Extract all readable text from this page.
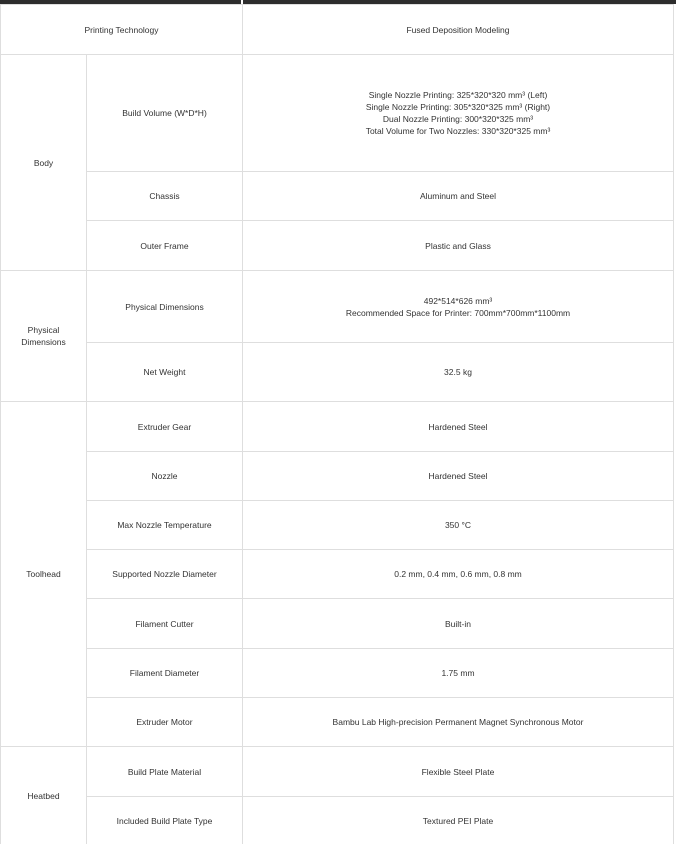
Printing Technology		Fused Deposition Modeling
Body	Build Volume (W*D*H)	Single Nozzle Printing: 325*320*320 mm³ (Left)
Single Nozzle Printing: 305*320*325 mm³ (Right)
Dual Nozzle Printing: 300*320*325 mm³
Total Volume for Two Nozzles: 330*320*325 mm³

	Chassis	Aluminum and Steel
	Outer Frame	Plastic and Glass

Physical
Dimensions	Physical Dimensions	492*514*626 mm³
Recommended Space for Printer: 700mm*700mm*1100mm

	Net Weight	32.5 kg
Toolhead	Extruder Gear	Hardened Steel
	Nozzle	Hardened Steel
	Max Nozzle Temperature	350 °C
	Supported Nozzle Diameter	0.2 mm, 0.4 mm, 0.6 mm, 0.8 mm
	Filament Cutter	Built-in
	Filament Diameter	1.75 mm
	Extruder Motor	Bambu Lab High-precision Permanent Magnet Synchronous Motor
Heatbed	Build Plate Material	Flexible Steel Plate
	Included Build Plate Type	Textured PEI Plate
